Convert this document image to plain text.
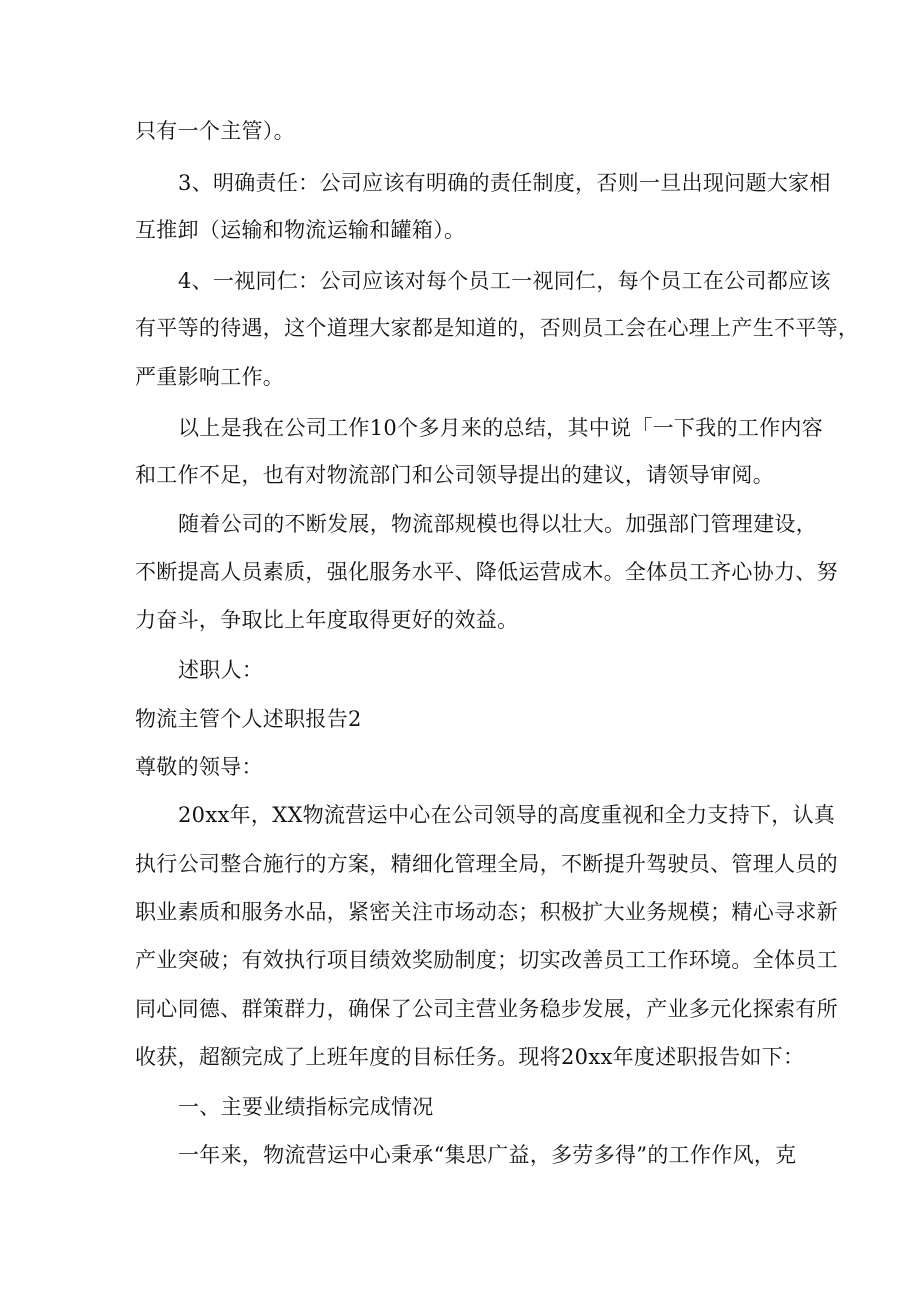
只有一个主管）。
3、明确责任：公司应该有明确的责任制度，否则一旦出现问题大家相
互推卸（运输和物流运输和罐箱）。
4、一视同仁：公司应该对每个员工一视同仁，每个员工在公司都应该
有平等的待遇，这个道理大家都是知道的，否则员工会在心理上产生不平等，
严重影响工作。
以上是我在公司工作10个多月来的总结，其中说「一下我的工作内容
和工作不足，也有对物流部门和公司领导提出的建议，请领导审阅。
随着公司的不断发展，物流部规模也得以壮大。加强部门管理建设，
不断提高人员素质，强化服务水平、降低运营成木。全体员工齐心协力、努
力奋斗，争取比上年度取得更好的效益。
述职人：
物流主管个人述职报告2
尊敬的领导：
20xx年，XX物流营运中心在公司领导的高度重视和全力支持下，认真
执行公司整合施行的方案，精细化管理全局，不断提升驾驶员、管理人员的
职业素质和服务水品，紧密关注市场动态；积极扩大业务规模；精心寻求新
产业突破；有效执行项目绩效奖励制度；切实改善员工工作环境。全体员工
同心同德、群策群力，确保了公司主营业务稳步发展，产业多元化探索有所
收获，超额完成了上班年度的目标任务。现将20xx年度述职报告如下：
一、主要业绩指标完成情况
一年来，物流营运中心秉承“集思广益，多劳多得”的工作作风，克
